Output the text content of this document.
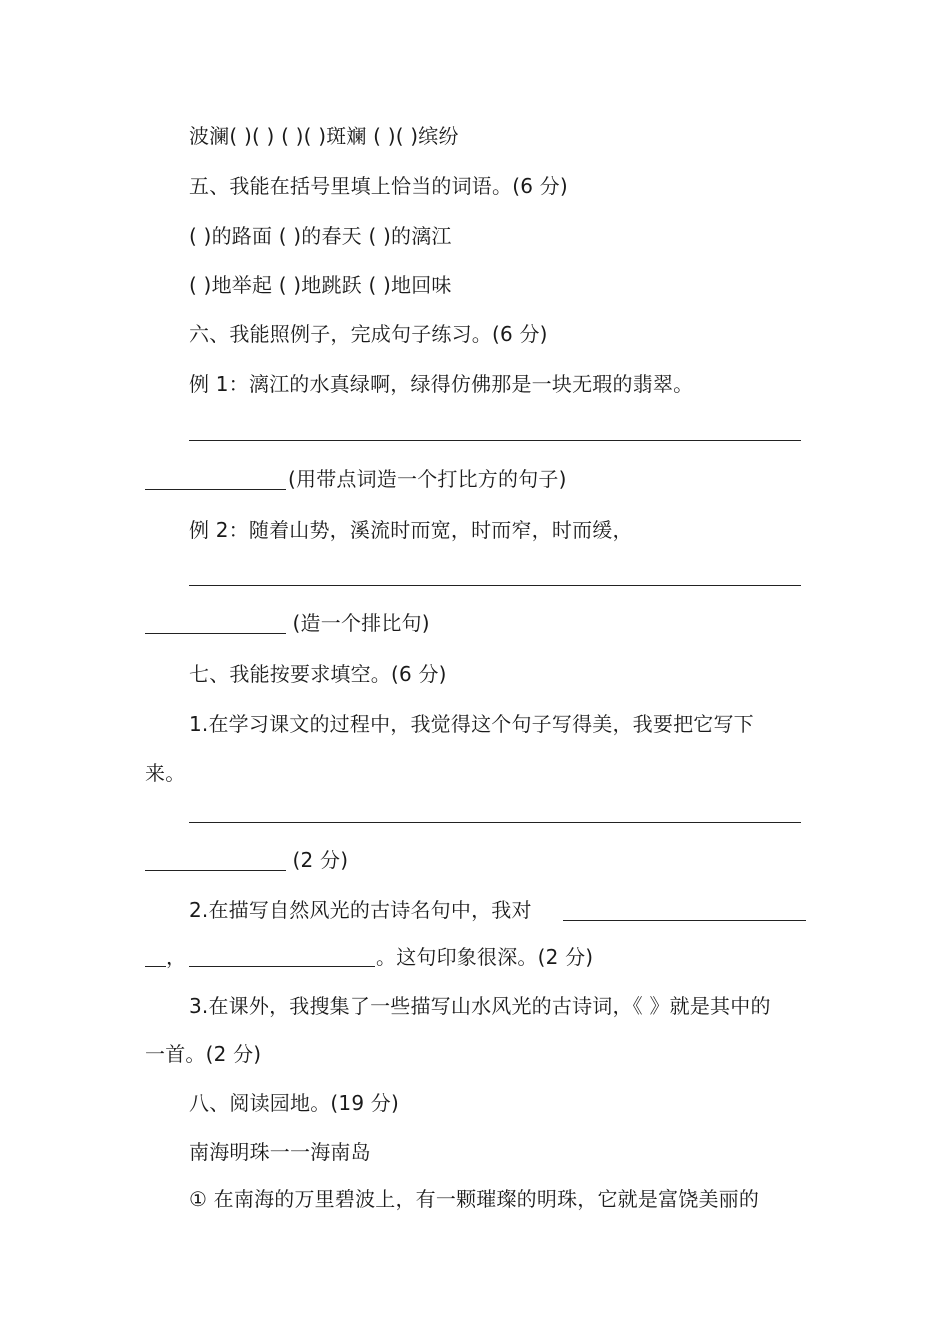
波澜( )( ) ( )( )斑斓 ( )( )缤纷
五、我能在括号里填上恰当的词语。(6 分)
( )的路面 ( )的春天 ( )的漓江
( )地举起 ( )地跳跃 ( )地回味
六、我能照例子，完成句子练习。(6 分)
例 1：漓江的水真绿啊，绿得仿佛那是一块无瑕的翡翠。
(用带点词造一个打比方的句子)
例 2：随着山势，溪流时而宽，时而窄，时而缓，
(造一个排比句)
七、我能按要求填空。(6 分)
1.在学习课文的过程中，我觉得这个句子写得美，我要把它写下
来。
(2 分)
2.在描写自然风光的古诗名句中，我对
，	。这句印象很深。(2 分)
3.在课外，我搜集了一些描写山水风光的古诗词，《 》就是其中的
一首。(2 分)
八、阅读园地。(19 分)
南海明珠一一海南岛
① 在南海的万里碧波上，有一颗璀璨的明珠，它就是富饶美丽的
